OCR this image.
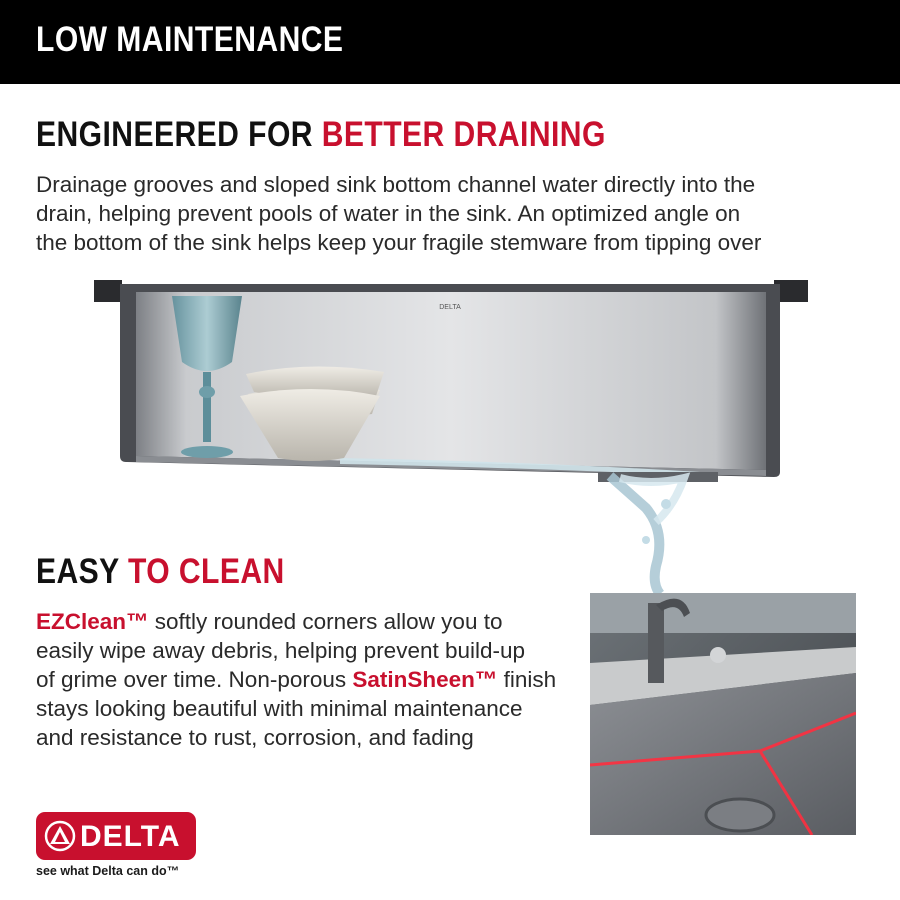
LOW MAINTENANCE
ENGINEERED FOR BETTER DRAINING
Drainage grooves and sloped sink bottom channel water directly into the
drain, helping prevent pools of water in the sink. An optimized angle on
the bottom of the sink helps keep your fragile stemware from tipping over
DELTA
EASY TO CLEAN
EZClean™ softly rounded corners allow you to
easily wipe away debris, helping prevent build-up
of grime over time. Non-porous SatinSheen™ finish
stays looking beautiful with minimal maintenance
and resistance to rust, corrosion, and fading
DELTA
see what Delta can do™
